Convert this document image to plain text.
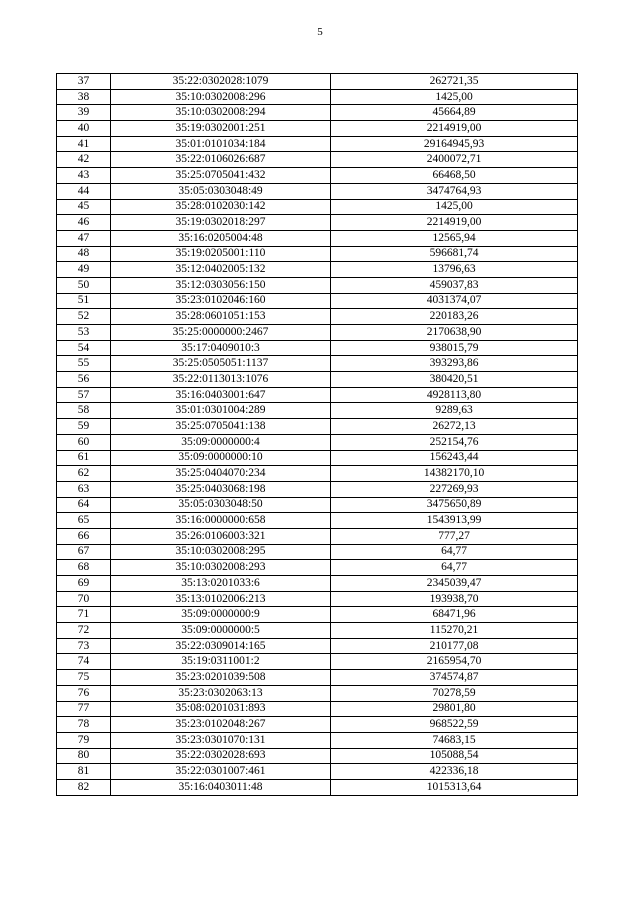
5
37	35:22:0302028:1079	262721,35
38	35:10:0302008:296	1425,00
39	35:10:0302008:294	45664,89
40	35:19:0302001:251	2214919,00
41	35:01:0101034:184	29164945,93
42	35:22:0106026:687	2400072,71
43	35:25:0705041:432	66468,50
44	35:05:0303048:49	3474764,93
45	35:28:0102030:142	1425,00
46	35:19:0302018:297	2214919,00
47	35:16:0205004:48	12565,94
48	35:19:0205001:110	596681,74
49	35:12:0402005:132	13796,63
50	35:12:0303056:150	459037,83
51	35:23:0102046:160	4031374,07
52	35:28:0601051:153	220183,26
53	35:25:0000000:2467	2170638,90
54	35:17:0409010:3	938015,79
55	35:25:0505051:1137	393293,86
56	35:22:0113013:1076	380420,51
57	35:16:0403001:647	4928113,80
58	35:01:0301004:289	9289,63
59	35:25:0705041:138	26272,13
60	35:09:0000000:4	252154,76
61	35:09:0000000:10	156243,44
62	35:25:0404070:234	14382170,10
63	35:25:0403068:198	227269,93
64	35:05:0303048:50	3475650,89
65	35:16:0000000:658	1543913,99
66	35:26:0106003:321	777,27
67	35:10:0302008:295	64,77
68	35:10:0302008:293	64,77
69	35:13:0201033:6	2345039,47
70	35:13:0102006:213	193938,70
71	35:09:0000000:9	68471,96
72	35:09:0000000:5	115270,21
73	35:22:0309014:165	210177,08
74	35:19:0311001:2	2165954,70
75	35:23:0201039:508	374574,87
76	35:23:0302063:13	70278,59
77	35:08:0201031:893	29801,80
78	35:23:0102048:267	968522,59
79	35:23:0301070:131	74683,15
80	35:22:0302028:693	105088,54
81	35:22:0301007:461	422336,18
82	35:16:0403011:48	1015313,64
